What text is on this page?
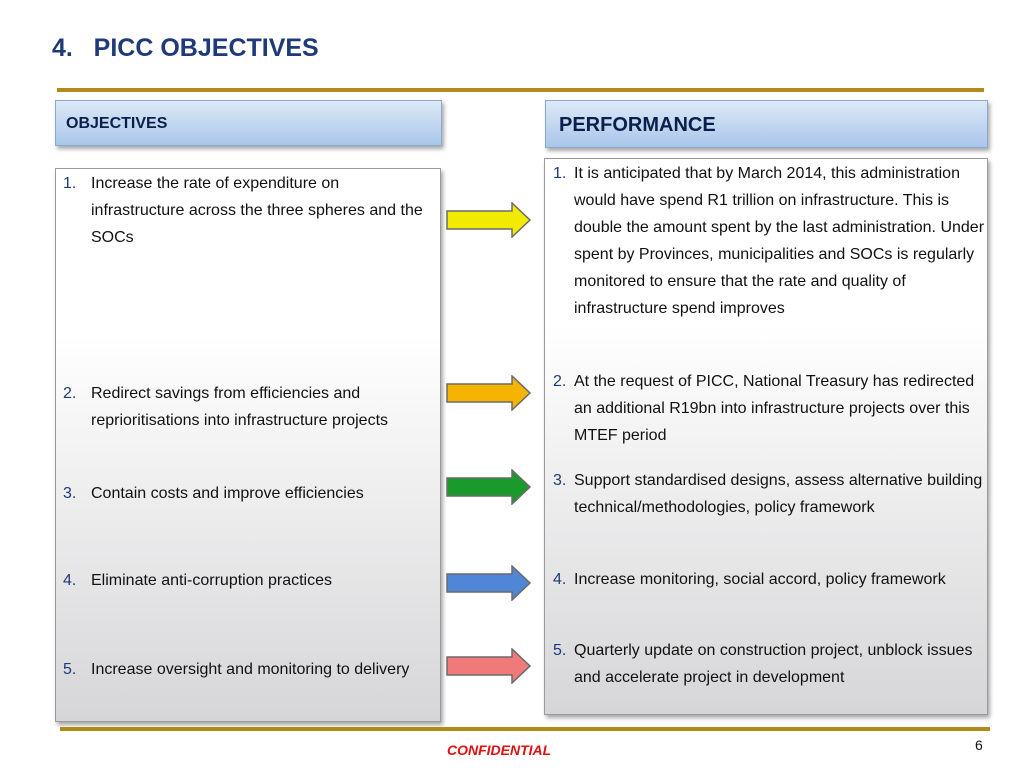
4.   PICC OBJECTIVES
OBJECTIVES	PERFORMANCE
1. Increase the rate of expenditure on infrastructure across the three spheres and the SOCs
2. Redirect savings from efficiencies and reprioritisations into infrastructure projects
3. Contain costs and improve efficiencies
4. Eliminate anti-corruption practices
5. Increase oversight and monitoring to delivery
1. It is anticipated that by March 2014, this administration would have spend R1 trillion on infrastructure. This is double the amount spent by the last administration. Under spent by Provinces, municipalities and SOCs is regularly monitored to ensure that the rate and quality of infrastructure spend improves
2. At the request of PICC, National Treasury has redirected an additional R19bn into infrastructure projects over this MTEF period
3. Support standardised designs, assess alternative building technical/methodologies, policy framework
4. Increase monitoring, social accord, policy framework
5. Quarterly update on construction project, unblock issues and accelerate project in development
CONFIDENTIAL	6
